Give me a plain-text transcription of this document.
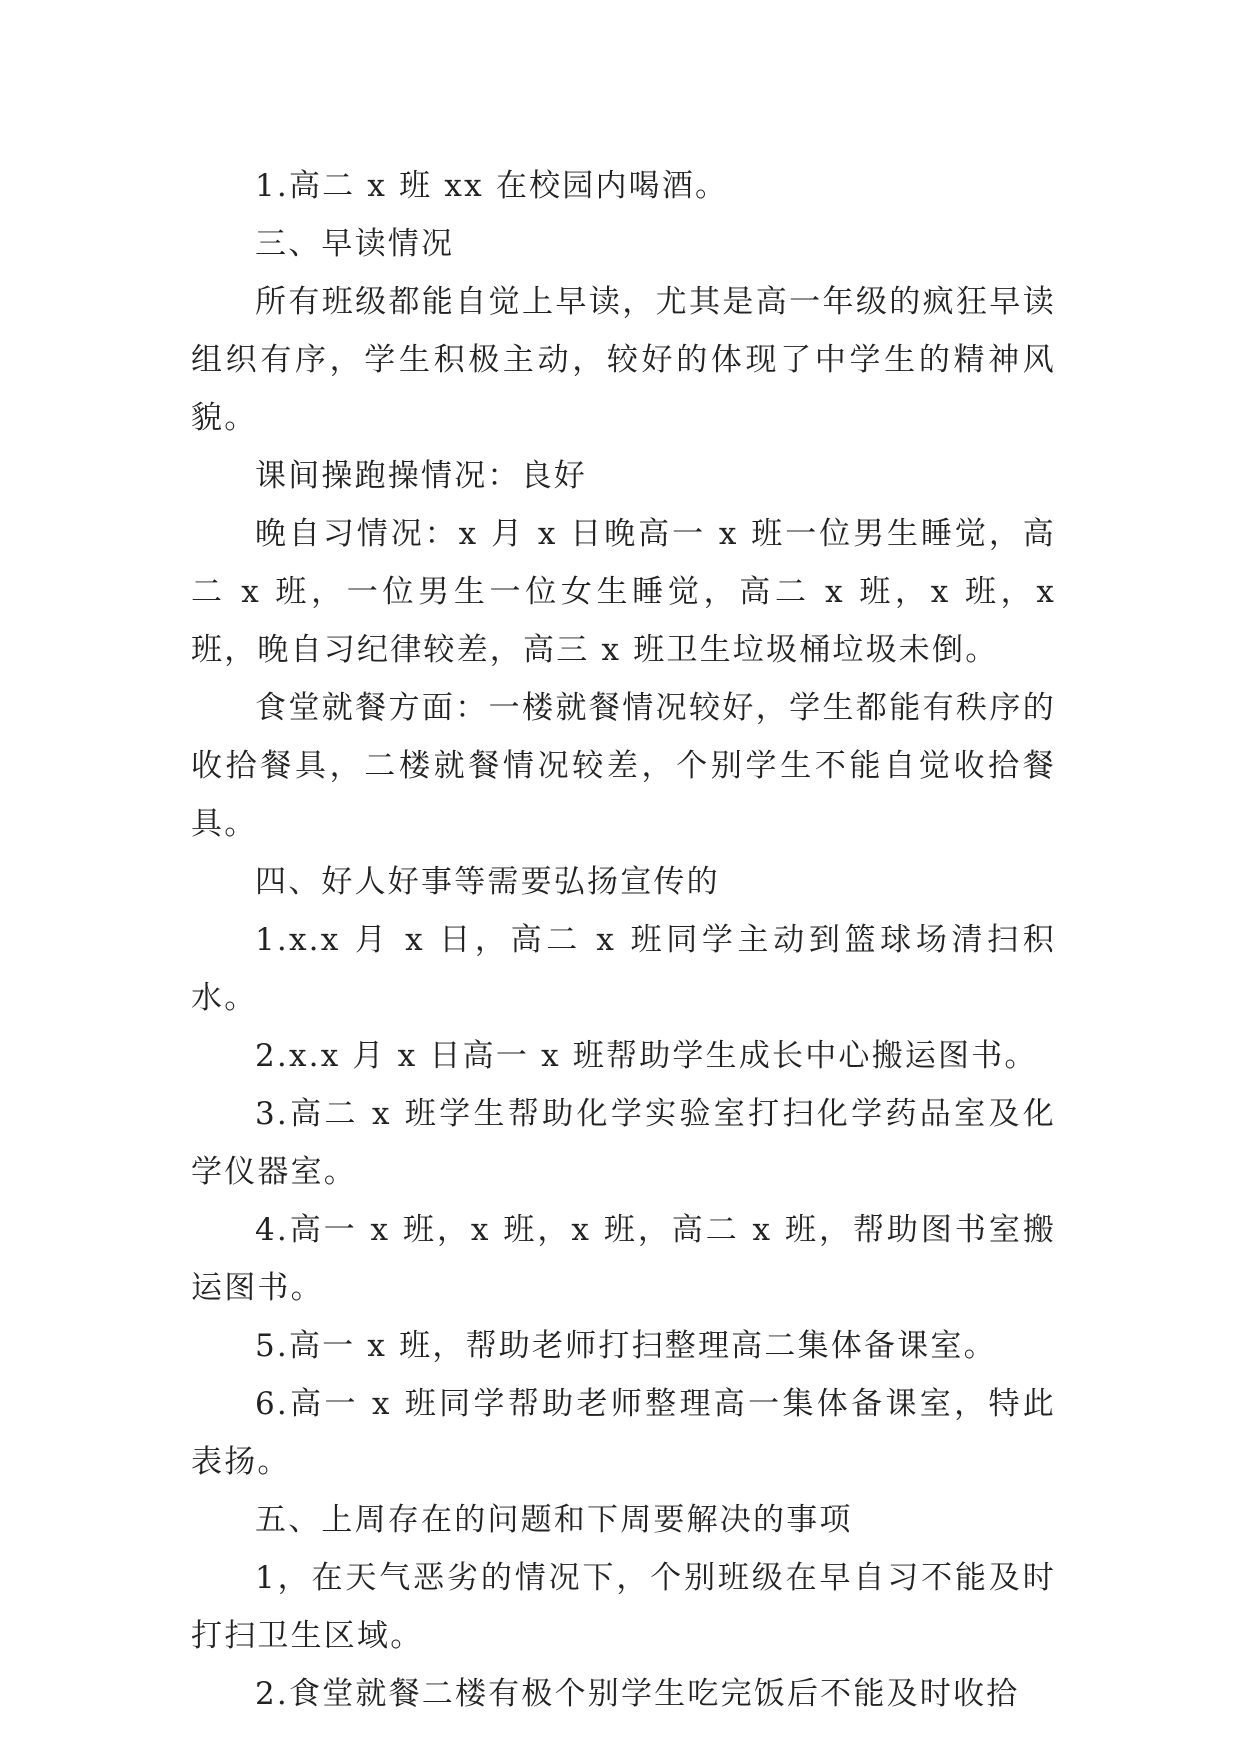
1.高二 x 班 xx 在校园内喝酒。

三、早读情况

所有班级都能自觉上早读，尤其是高一年级的疯狂早读组织有序，学生积极主动，较好的体现了中学生的精神风貌。

课间操跑操情况：良好

晚自习情况：x 月 x 日晚高一 x 班一位男生睡觉，高二 x 班，一位男生一位女生睡觉，高二 x 班，x 班，x 班，晚自习纪律较差，高三 x 班卫生垃圾桶垃圾未倒。

食堂就餐方面：一楼就餐情况较好，学生都能有秩序的收拾餐具，二楼就餐情况较差，个别学生不能自觉收拾餐具。

四、好人好事等需要弘扬宣传的

1.x.x 月 x 日，高二 x 班同学主动到篮球场清扫积水。

2.x.x 月 x 日高一 x 班帮助学生成长中心搬运图书。

3.高二 x 班学生帮助化学实验室打扫化学药品室及化学仪器室。

4.高一 x 班，x 班，x 班，高二 x 班，帮助图书室搬运图书。

5.高一 x 班，帮助老师打扫整理高二集体备课室。

6.高一 x 班同学帮助老师整理高一集体备课室，特此表扬。

五、上周存在的问题和下周要解决的事项

1，在天气恶劣的情况下，个别班级在早自习不能及时打扫卫生区域。

2.食堂就餐二楼有极个别学生吃完饭后不能及时收拾
